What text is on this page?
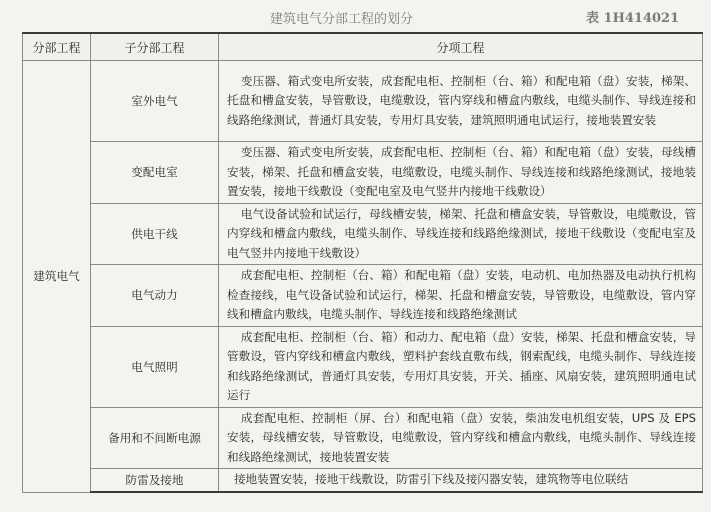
建筑电气分部工程的划分	表 1H414021
分部工程	子分部工程	分项工程
建筑电气	室外电气	变压器、箱式变电所安装，成套配电柜、控制柜（台、箱）和配电箱（盘）安装，梯架、托盘和槽盒安装，导管敷设，电缆敷设，管内穿线和槽盒内敷线，电缆头制作、导线连接和线路绝缘测试，普通灯具安装，专用灯具安装，建筑照明通电试运行，接地装置安装
	变配电室	变压器、箱式变电所安装，成套配电柜、控制柜（台、箱）和配电箱（盘）安装，母线槽安装，梯架、托盘和槽盒安装，电缆敷设，电缆头制作、导线连接和线路绝缘测试，接地装置安装，接地干线敷设（变配电室及电气竖井内接地干线敷设）
	供电干线	电气设备试验和试运行，母线槽安装，梯架、托盘和槽盒安装，导管敷设，电缆敷设，管内穿线和槽盒内敷线，电缆头制作、导线连接和线路绝缘测试，接地干线敷设（变配电室及电气竖井内接地干线敷设）
	电气动力	成套配电柜、控制柜（台、箱）和配电箱（盘）安装，电动机、电加热器及电动执行机构检查接线，电气设备试验和试运行，梯架、托盘和槽盒安装，导管敷设，电缆敷设，管内穿线和槽盒内敷线，电缆头制作、导线连接和线路绝缘测试
	电气照明	成套配电柜、控制柜（台、箱）和动力、配电箱（盘）安装，梯架、托盘和槽盒安装，导管敷设，管内穿线和槽盒内敷线，塑料护套线直敷布线，钢索配线，电缆头制作、导线连接和线路绝缘测试，普通灯具安装，专用灯具安装，开关、插座、风扇安装，建筑照明通电试运行
	备用和不间断电源	成套配电柜、控制柜（屏、台）和配电箱（盘）安装，柴油发电机组安装，UPS 及 EPS 安装，母线槽安装，导管敷设，电缆敷设，管内穿线和槽盒内敷线，电缆头制作、导线连接和线路绝缘测试，接地装置安装
	防雷及接地	接地装置安装，接地干线敷设，防雷引下线及接闪器安装，建筑物等电位联结
